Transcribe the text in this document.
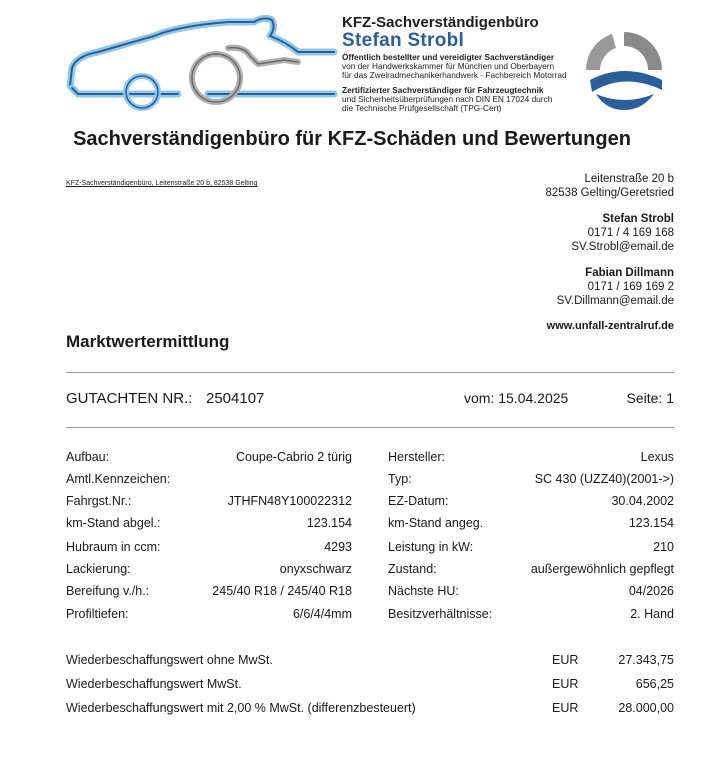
KFZ-Sachverständigenbüro
Stefan Strobl
Öffentlich bestellter und vereidigter Sachverständiger
von der Handwerkskammer für München und Oberbayern
für das Zweiradmechanikerhandwerk - Fachbereich Motorrad
Zertifizierter Sachverständiger für Fahrzeugtechnik
und Sicherheitsüberprüfungen nach DIN EN 17024 durch
die Technische Prüfgesellschaft (TPG-Cert)
Sachverständigenbüro für KFZ-Schäden und Bewertungen
KFZ-Sachverständigenbüro, Leitenstraße 20 b, 82538 Gelting	Leitenstraße 20 b
82538 Gelting/Geretsried
Stefan Strobl
0171 / 4 169 168
SV.Strobl@email.de
Fabian Dillmann
0171 / 169 169 2
SV.Dillmann@email.de
www.unfall-zentralruf.de
Marktwertermittlung
GUTACHTEN NR.: 2504107	vom: 15.04.2025	Seite: 1
Aufbau:	Coupe-Cabrio 2 türig
Amtl.Kennzeichen:
Fahrgst.Nr.:	JTHFN48Y100022312
km-Stand abgel.:	123.154
Hubraum in ccm:	4293
Lackierung:	onyxschwarz
Bereifung v./h.:	245/40 R18 / 245/40 R18
Profiltiefen:	6/6/4/4mm
Hersteller:	Lexus
Typ:	SC 430 (UZZ40)(2001->)
EZ-Datum:	30.04.2002
km-Stand angeg.	123.154
Leistung in kW:	210
Zustand:	außergewöhnlich gepflegt
Nächste HU:	04/2026
Besitzverhältnisse:	2. Hand
Wiederbeschaffungswert ohne MwSt.	EUR	27.343,75
Wiederbeschaffungswert MwSt.	EUR	656,25
Wiederbeschaffungswert mit 2,00 % MwSt. (differenzbesteuert)	EUR	28.000,00
